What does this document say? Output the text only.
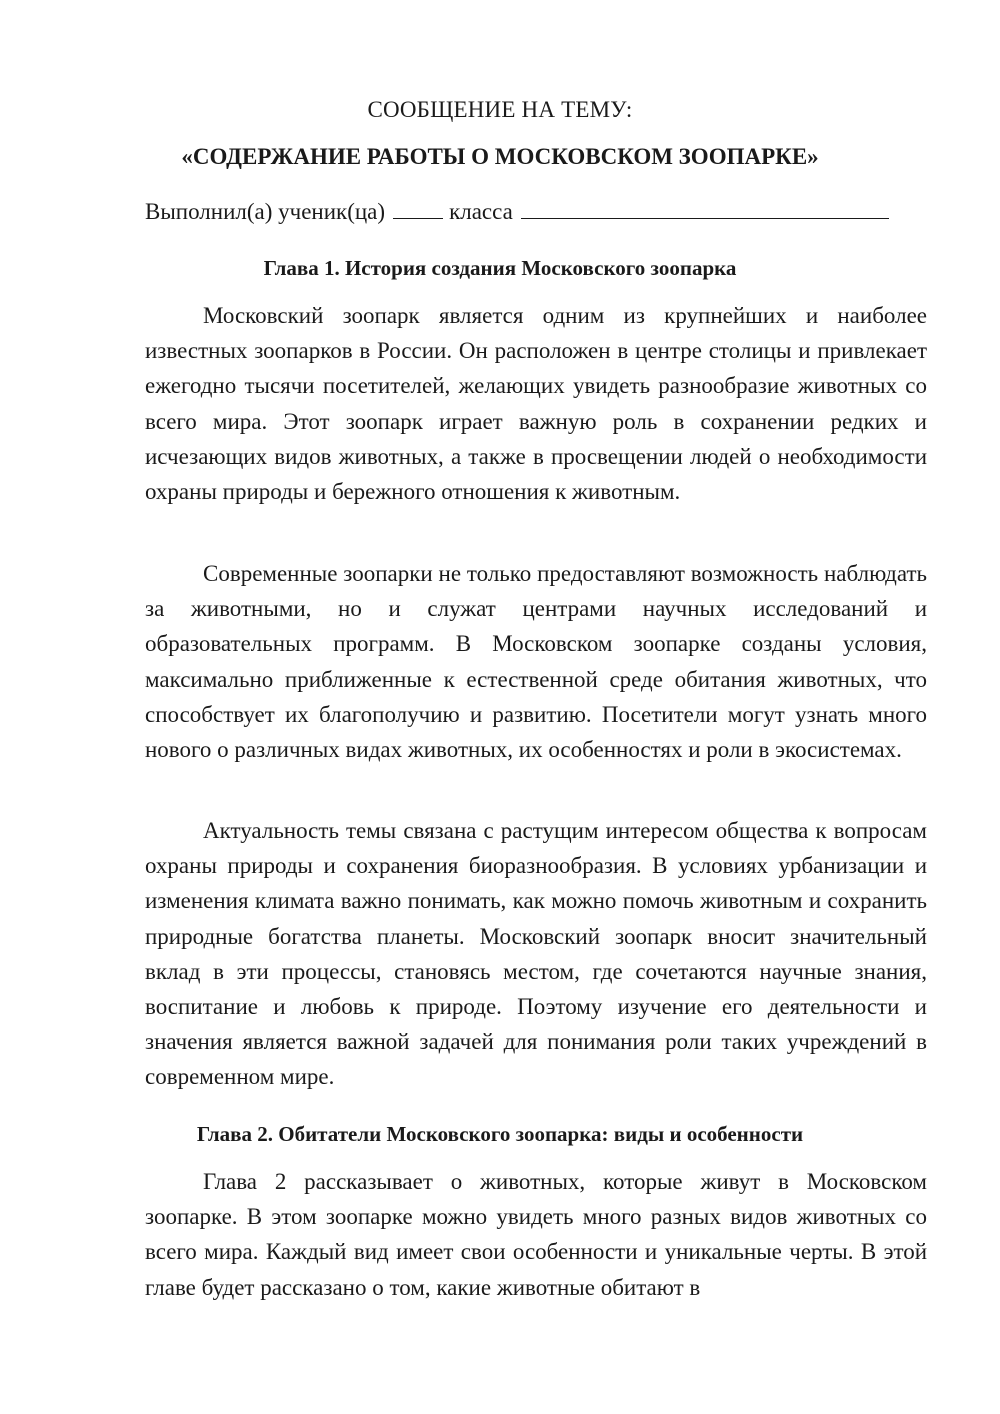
СООБЩЕНИЕ НА ТЕМУ:
«СОДЕРЖАНИЕ РАБОТЫ О МОСКОВСКОМ ЗООПАРКЕ»
Выполнил(а) ученик(ца)	класса
Глава 1. История создания Московского зоопарка

Московский зоопарк является одним из крупнейших и наиболее известных зоопарков в России. Он расположен в центре столицы и привлекает ежегодно тысячи посетителей, желающих увидеть разнообразие животных со всего мира. Этот зоопарк играет важную роль в сохранении редких и исчезающих видов животных, а также в просвещении людей о необходимости охраны природы и бережного отношения к животным.

Современные зоопарки не только предоставляют возможность наблюдать за животными, но и служат центрами научных исследований и образовательных программ. В Московском зоопарке созданы условия, максимально приближенные к естественной среде обитания животных, что способствует их благополучию и развитию. Посетители могут узнать много нового о различных видах животных, их особенностях и роли в экосистемах.

Актуальность темы связана с растущим интересом общества к вопросам охраны природы и сохранения биоразнообразия. В условиях урбанизации и изменения климата важно понимать, как можно помочь животным и сохранить природные богатства планеты. Московский зоопарк вносит значительный вклад в эти процессы, становясь местом, где сочетаются научные знания, воспитание и любовь к природе. Поэтому изучение его деятельности и значения является важной задачей для понимания роли таких учреждений в современном мире.

Глава 2. Обитатели Московского зоопарка: виды и особенности

Глава 2 рассказывает о животных, которые живут в Московском зоопарке. В этом зоопарке можно увидеть много разных видов животных со всего мира. Каждый вид имеет свои особенности и уникальные черты. В этой главе будет рассказано о том, какие животные обитают в
